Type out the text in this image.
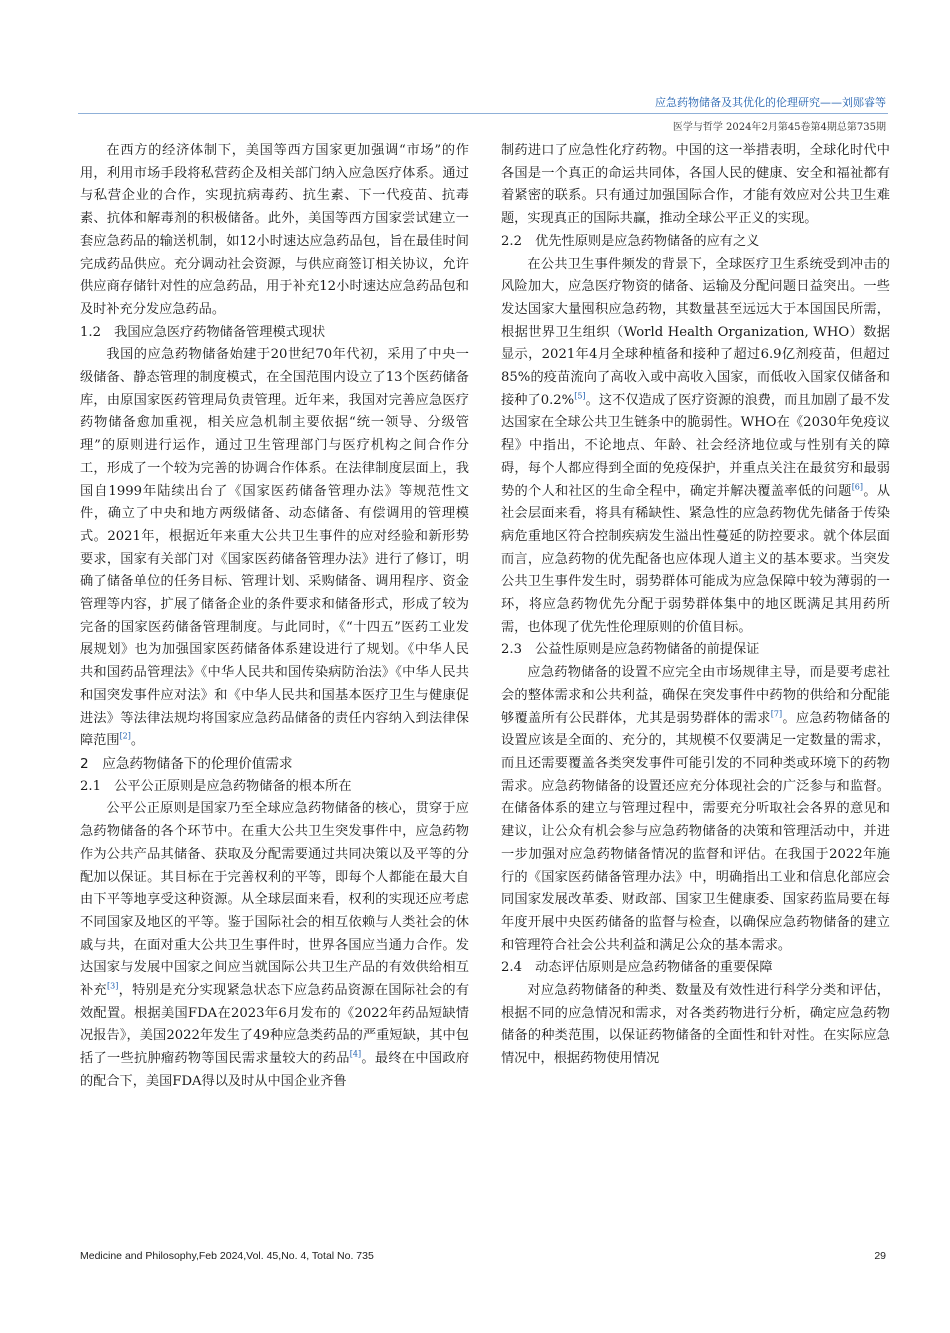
应急药物储备及其优化的伦理研究——刘郧睿等
医学与哲学 2024年2月第45卷第4期总第735期

在西方的经济体制下，美国等西方国家更加强调“市场”的作用，利用市场手段将私营药企及相关部门纳入应急医疗体系。通过与私营企业的合作，实现抗病毒药、抗生素、下一代疫苗、抗毒素、抗体和解毒剂的积极储备。此外，美国等西方国家尝试建立一套应急药品的输送机制，如12小时速达应急药品包，旨在最佳时间完成药品供应。充分调动社会资源，与供应商签订相关协议，允许供应商存储针对性的应急药品，用于补充12小时速达应急药品包和及时补充分发应急药品。

1.2　我国应急医疗药物储备管理模式现状

我国的应急药物储备始建于20世纪70年代初，采用了中央一级储备、静态管理的制度模式，在全国范围内设立了13个医药储备库，由原国家医药管理局负责管理。近年来，我国对完善应急医疗药物储备愈加重视，相关应急机制主要依据“统一领导、分级管理”的原则进行运作，通过卫生管理部门与医疗机构之间合作分工，形成了一个较为完善的协调合作体系。在法律制度层面上，我国自1999年陆续出台了《国家医药储备管理办法》等规范性文件，确立了中央和地方两级储备、动态储备、有偿调用的管理模式。2021年，根据近年来重大公共卫生事件的应对经验和新形势要求，国家有关部门对《国家医药储备管理办法》进行了修订，明确了储备单位的任务目标、管理计划、采购储备、调用程序、资金管理等内容，扩展了储备企业的条件要求和储备形式，形成了较为完备的国家医药储备管理制度。与此同时，《“十四五”医药工业发展规划》也为加强国家医药储备体系建设进行了规划。《中华人民共和国药品管理法》《中华人民共和国传染病防治法》《中华人民共和国突发事件应对法》和《中华人民共和国基本医疗卫生与健康促进法》等法律法规均将国家应急药品储备的责任内容纳入到法律保障范围[2]。

2　应急药物储备下的伦理价值需求
2.1　公平公正原则是应急药物储备的根本所在

公平公正原则是国家乃至全球应急药物储备的核心，贯穿于应急药物储备的各个环节中。在重大公共卫生突发事件中，应急药物作为公共产品其储备、获取及分配需要通过共同决策以及平等的分配加以保证。其目标在于完善权利的平等，即每个人都能在最大自由下平等地享受这种资源。从全球层面来看，权利的实现还应考虑不同国家及地区的平等。鉴于国际社会的相互依赖与人类社会的休戚与共，在面对重大公共卫生事件时，世界各国应当通力合作。发达国家与发展中国家之间应当就国际公共卫生产品的有效供给相互补充[3]，特别是充分实现紧急状态下应急药品资源在国际社会的有效配置。根据美国FDA在2023年6月发布的《2022年药品短缺情况报告》，美国2022年发生了49种应急类药品的严重短缺，其中包括了一些抗肿瘤药物等国民需求量较大的药品[4]。最终在中国政府的配合下，美国FDA得以及时从中国企业齐鲁

制药进口了应急性化疗药物。中国的这一举措表明，全球化时代中各国是一个真正的命运共同体，各国人民的健康、安全和福祉都有着紧密的联系。只有通过加强国际合作，才能有效应对公共卫生难题，实现真正的国际共赢，推动全球公平正义的实现。

2.2　优先性原则是应急药物储备的应有之义

在公共卫生事件频发的背景下，全球医疗卫生系统受到冲击的风险加大，应急医疗物资的储备、运输及分配问题日益突出。一些发达国家大量囤积应急药物，其数量甚至远远大于本国国民所需，根据世界卫生组织（World Health Organization, WHO）数据显示，2021年4月全球种植备和接种了超过6.9亿剂疫苗，但超过85%的疫苗流向了高收入或中高收入国家，而低收入国家仅储备和接种了0.2%[5]。这不仅造成了医疗资源的浪费，而且加剧了最不发达国家在全球公共卫生链条中的脆弱性。WHO在《2030年免疫议程》中指出，不论地点、年龄、社会经济地位或与性别有关的障碍，每个人都应得到全面的免疫保护，并重点关注在最贫穷和最弱势的个人和社区的生命全程中，确定并解决覆盖率低的问题[6]。从社会层面来看，将具有稀缺性、紧急性的应急药物优先储备于传染病危重地区符合控制疾病发生溢出性蔓延的防控要求。就个体层面而言，应急药物的优先配备也应体现人道主义的基本要求。当突发公共卫生事件发生时，弱势群体可能成为应急保障中较为薄弱的一环，将应急药物优先分配于弱势群体集中的地区既满足其用药所需，也体现了优先性伦理原则的价值目标。

2.3　公益性原则是应急药物储备的前提保证

应急药物储备的设置不应完全由市场规律主导，而是要考虑社会的整体需求和公共利益，确保在突发事件中药物的供给和分配能够覆盖所有公民群体，尤其是弱势群体的需求[7]。应急药物储备的设置应该是全面的、充分的，其规模不仅要满足一定数量的需求，而且还需要覆盖各类突发事件可能引发的不同种类或环境下的药物需求。应急药物储备的设置还应充分体现社会的广泛参与和监督。在储备体系的建立与管理过程中，需要充分听取社会各界的意见和建议，让公众有机会参与应急药物储备的决策和管理活动中，并进一步加强对应急药物储备情况的监督和评估。在我国于2022年施行的《国家医药储备管理办法》中，明确指出工业和信息化部应会同国家发展改革委、财政部、国家卫生健康委、国家药监局要在每年度开展中央医药储备的监督与检查，以确保应急药物储备的建立和管理符合社会公共利益和满足公众的基本需求。

2.4　动态评估原则是应急药物储备的重要保障

对应急药物储备的种类、数量及有效性进行科学分类和评估，根据不同的应急情况和需求，对各类药物进行分析，确定应急药物储备的种类范围，以保证药物储备的全面性和针对性。在实际应急情况中，根据药物使用情况

Medicine and Philosophy,Feb 2024,Vol. 45,No. 4, Total No. 735	29
